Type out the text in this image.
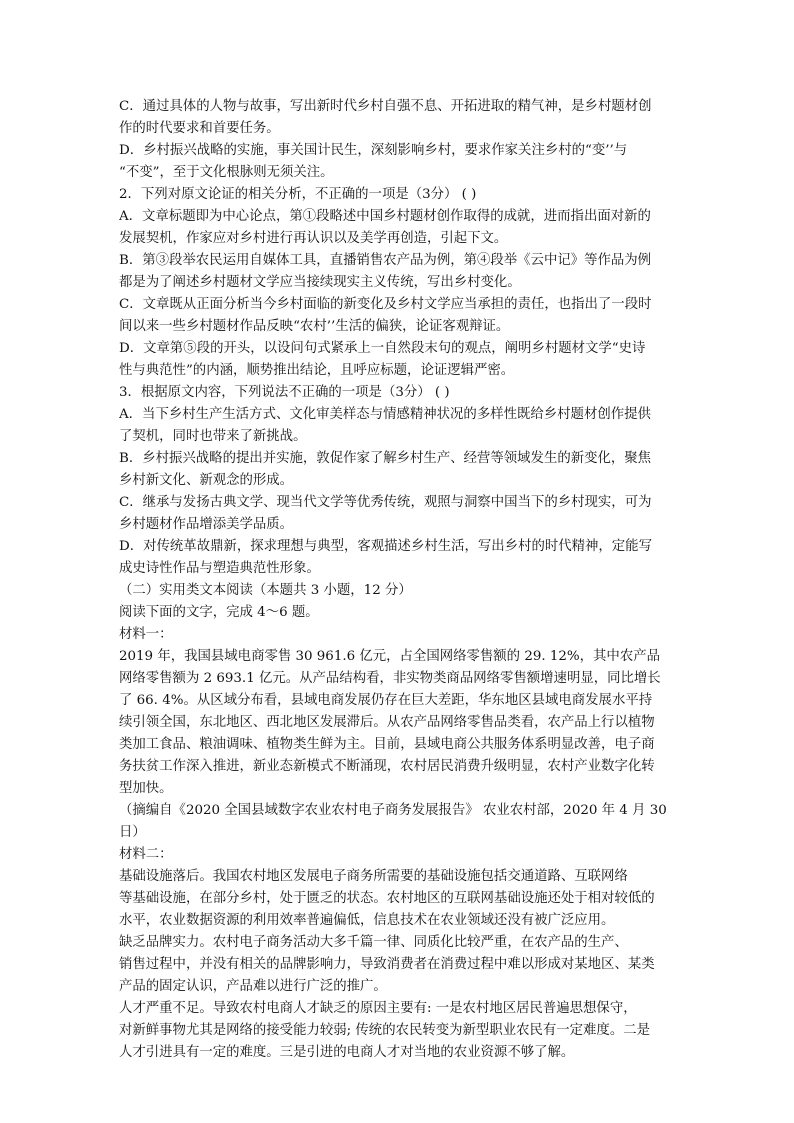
C．通过具体的人物与故事，写出新时代乡村自强不息、开拓进取的精气神，是乡村题材创
作的时代要求和首要任务。
D．乡村振兴战略的实施，事关国计民生，深刻影响乡村，要求作家关注乡村的“变’’与
“不变”，至于文化根脉则无须关注。
2．下列对原文论证的相关分析，不正确的一项是（3分） ( )
A．文章标题即为中心论点，第①段略述中国乡村题材创作取得的成就，进而指出面对新的
发展契机，作家应对乡村进行再认识以及美学再创造，引起下文。
B．第③段举农民运用自媒体工具，直播销售农产品为例，第④段举《云中记》等作品为例
都是为了阐述乡村题材文学应当接续现实主义传统，写出乡村变化。
C．文章既从正面分析当今乡村面临的新变化及乡村文学应当承担的责任，也指出了一段时
间以来一些乡村题材作品反映“农村’’生活的偏狭，论证客观辩证。
D．文章第⑤段的开头，以设问句式紧承上一自然段末句的观点，阐明乡村题材文学“史诗
性与典范性”的内涵，顺势推出结论，且呼应标题，论证逻辑严密。
3．根据原文内容，下列说法不正确的一项是（3分） ( )
A．当下乡村生产生活方式、文化审美样态与情感精神状况的多样性既给乡村题材创作提供
了契机，同时也带来了新挑战。
B．乡村振兴战略的提出并实施，敦促作家了解乡村生产、经营等领域发生的新变化，聚焦
乡村新文化、新观念的形成。
C．继承与发扬古典文学、现当代文学等优秀传统，观照与洞察中国当下的乡村现实，可为
乡村题材作品增添美学品质。
D．对传统革故鼎新，探求理想与典型，客观描述乡村生活，写出乡村的时代精神，定能写
成史诗性作品与塑造典范性形象。
（二）实用类文本阅读（本题共 3 小题，12 分）
阅读下面的文字，完成 4～6 题。
材料一：
2019 年，我国县域电商零售 30 961.6 亿元，占全国网络零售额的 29. 12%，其中农产品
网络零售额为 2 693.1 亿元。从产品结构看，非实物类商品网络零售额增速明显，同比增长
了 66. 4%。从区域分布看，县域电商发展仍存在巨大差距，华东地区县域电商发展水平持
续引领全国，东北地区、西北地区发展滞后。从农产品网络零售品类看，农产品上行以植物
类加工食品、粮油调味、植物类生鲜为主。目前，县域电商公共服务体系明显改善，电子商
务扶贫工作深入推进，新业态新模式不断涌现，农村居民消费升级明显，农村产业数字化转
型加快。
（摘编自《2020 全国县域数字农业农村电子商务发展报告》 农业农村部，2020 年 4 月 30
日）
材料二：
基础设施落后。我国农村地区发展电子商务所需要的基础设施包括交通道路、互联网络
等基础设施，在部分乡村，处于匮乏的状态。农村地区的互联网基础设施还处于相对较低的
水平，农业数据资源的利用效率普遍偏低，信息技术在农业领域还没有被广泛应用。
缺乏品牌实力。农村电子商务活动大多千篇一律、同质化比较严重，在农产品的生产、
销售过程中，并没有相关的品牌影响力，导致消费者在消费过程中难以形成对某地区、某类
产品的固定认识，产品难以进行广泛的推广。
人才严重不足。导致农村电商人才缺乏的原因主要有: 一是农村地区居民普遍思想保守，
对新鲜事物尤其是网络的接受能力较弱; 传统的农民转变为新型职业农民有一定难度。二是
人才引进具有一定的难度。三是引进的电商人才对当地的农业资源不够了解。
